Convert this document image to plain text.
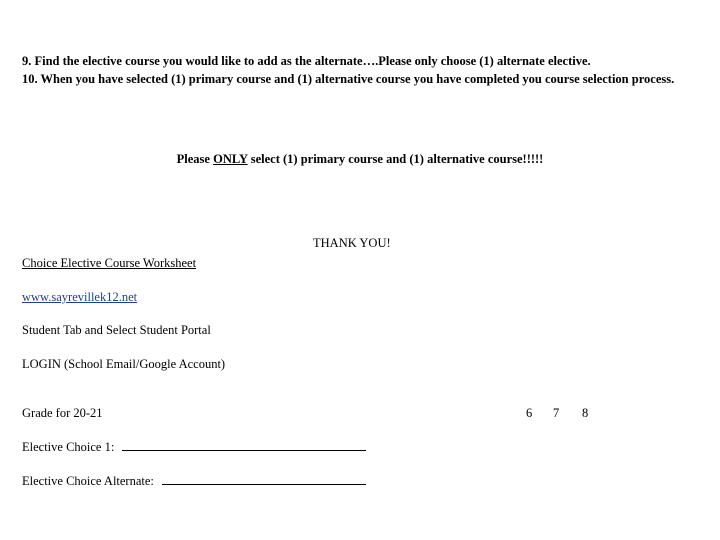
9. Find the elective course you would like to add as the alternate….Please only choose (1) alternate elective.
10. When you have selected (1) primary course and (1) alternative course you have completed you course selection process.
Please ONLY select (1) primary course and (1) alternative course!!!!!
THANK YOU!
Choice Elective Course Worksheet
www.sayrevillek12.net
Student Tab and Select Student Portal
LOGIN (School Email/Google Account)
Grade for 20-21	6 7 8
Elective Choice 1:
Elective Choice Alternate:
